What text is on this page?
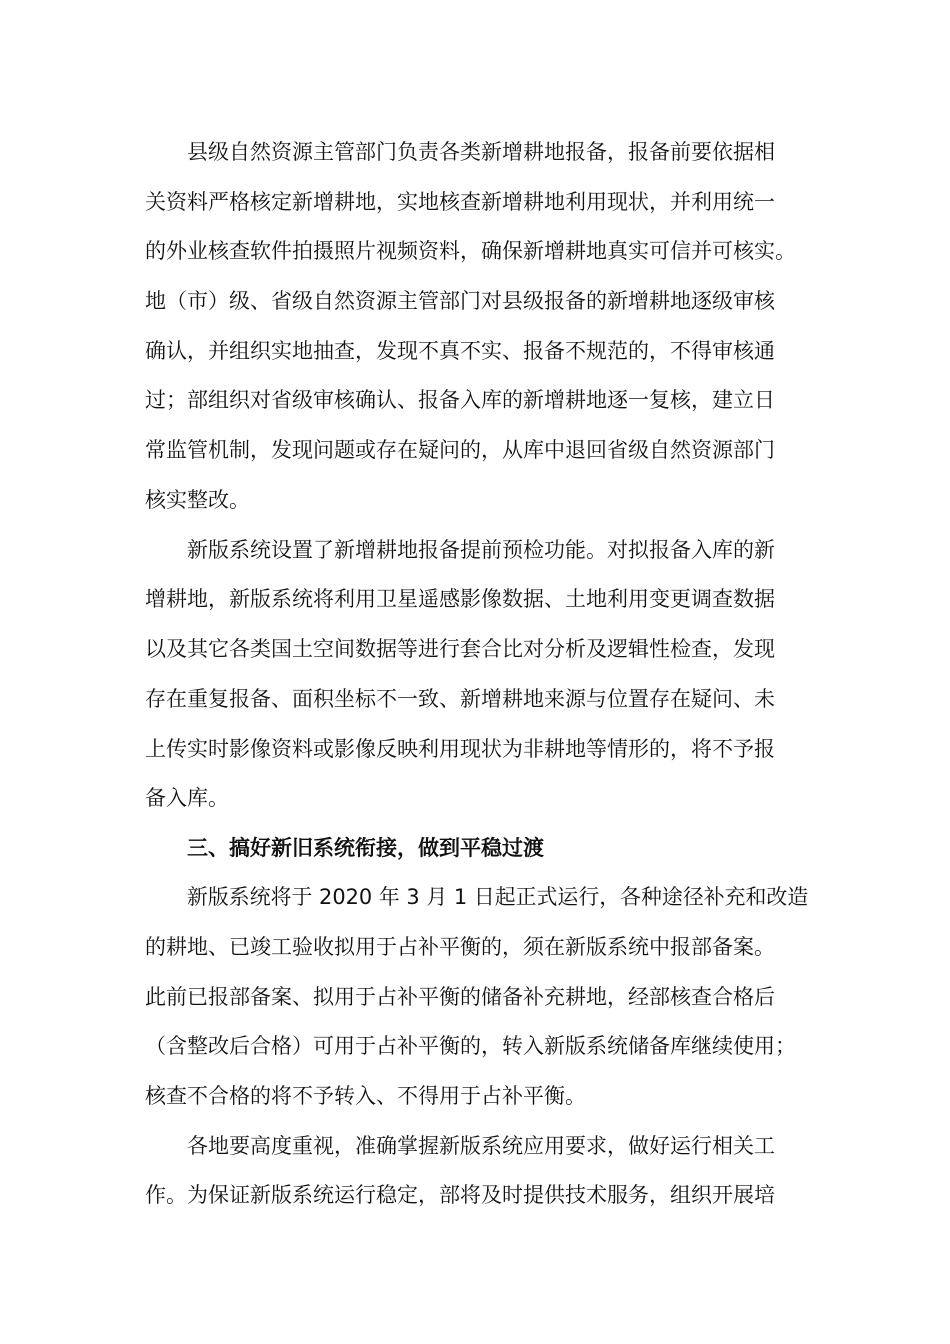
县级自然资源主管部门负责各类新增耕地报备，报备前要依据相
关资料严格核定新增耕地，实地核查新增耕地利用现状，并利用统一
的外业核查软件拍摄照片视频资料，确保新增耕地真实可信并可核实。
地（市）级、省级自然资源主管部门对县级报备的新增耕地逐级审核
确认，并组织实地抽查，发现不真不实、报备不规范的，不得审核通
过；部组织对省级审核确认、报备入库的新增耕地逐一复核，建立日
常监管机制，发现问题或存在疑问的，从库中退回省级自然资源部门
核实整改。
新版系统设置了新增耕地报备提前预检功能。对拟报备入库的新
增耕地，新版系统将利用卫星遥感影像数据、土地利用变更调查数据
以及其它各类国土空间数据等进行套合比对分析及逻辑性检查，发现
存在重复报备、面积坐标不一致、新增耕地来源与位置存在疑问、未
上传实时影像资料或影像反映利用现状为非耕地等情形的，将不予报
备入库。
三、搞好新旧系统衔接，做到平稳过渡
新版系统将于 2020 年 3 月 1 日起正式运行，各种途径补充和改造
的耕地、已竣工验收拟用于占补平衡的，须在新版系统中报部备案。
此前已报部备案、拟用于占补平衡的储备补充耕地，经部核查合格后
（含整改后合格）可用于占补平衡的，转入新版系统储备库继续使用；
核查不合格的将不予转入、不得用于占补平衡。
各地要高度重视，准确掌握新版系统应用要求，做好运行相关工
作。为保证新版系统运行稳定，部将及时提供技术服务，组织开展培
